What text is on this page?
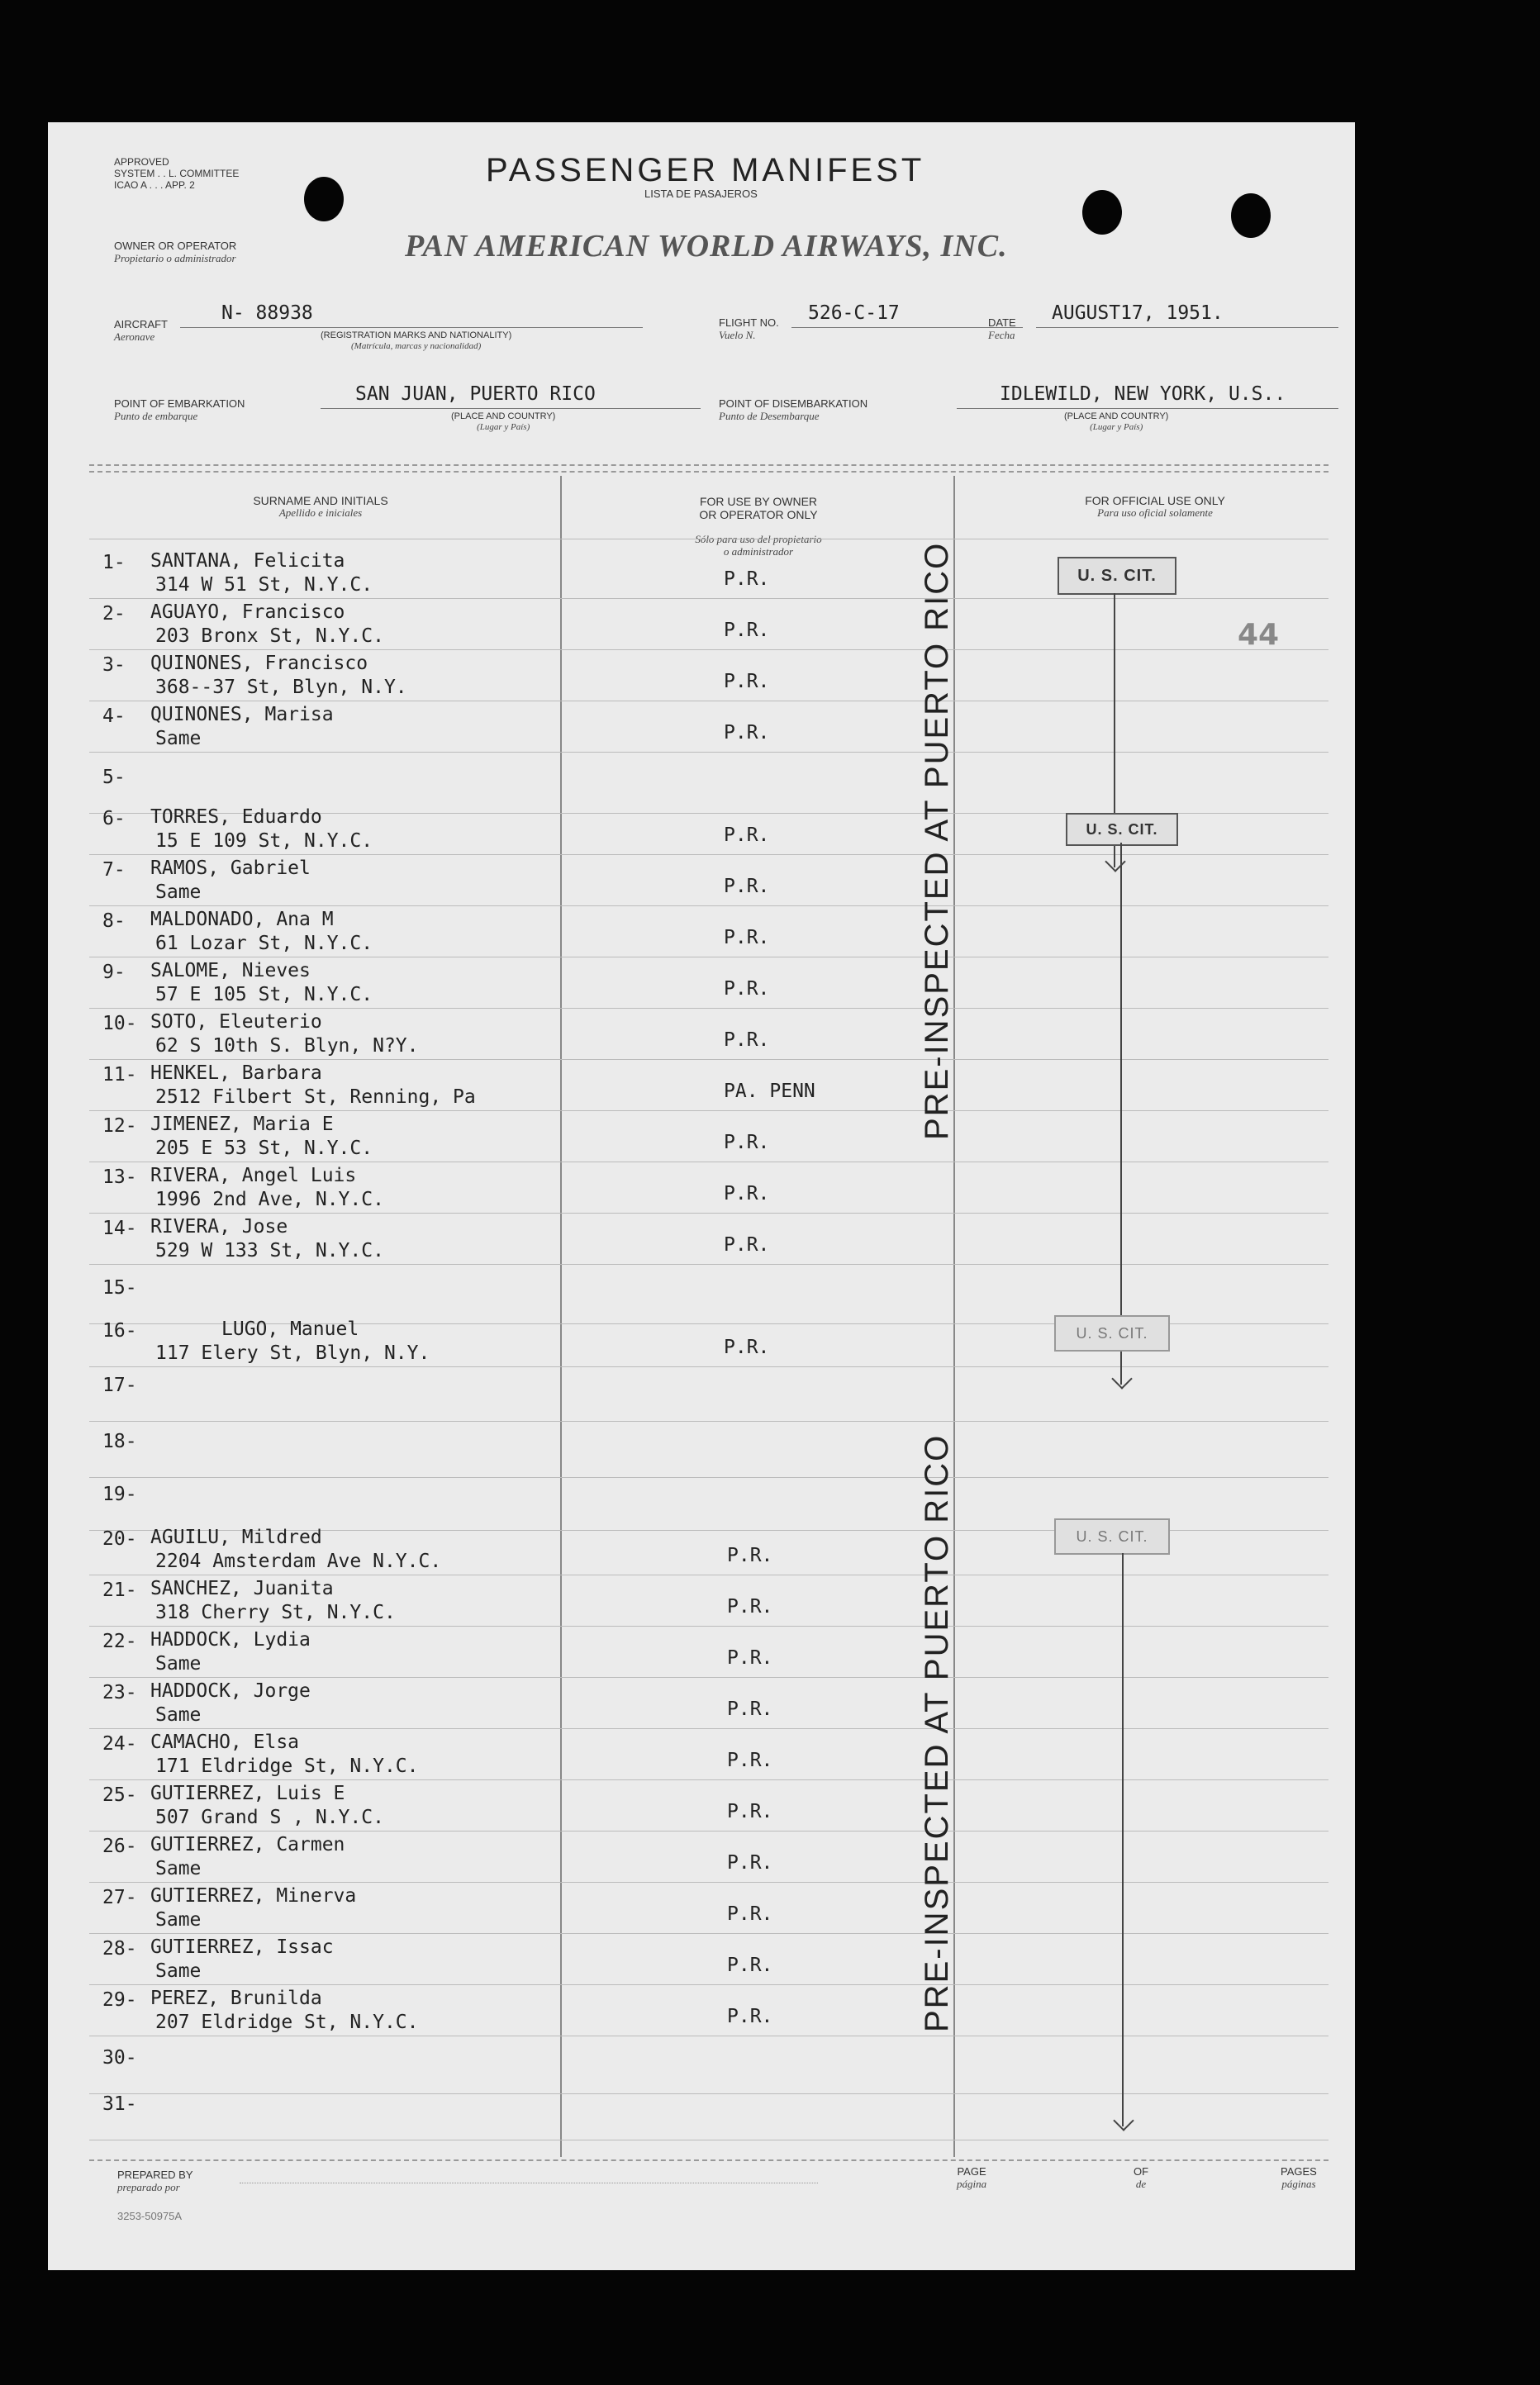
APPROVED
SYSTEM . . L. COMMITTEE
ICAO A . . . APP. 2	PASSENGER MANIFEST
LISTA DE PASAJEROS
OWNER OR OPERATOR
Propietario o administrador	PAN AMERICAN WORLD AIRWAYS, INC.
AIRCRAFT
Aeronave
N- 88938
(REGISTRATION MARKS AND NATIONALITY)
(Matrícula, marcas y nacionalidad)
FLIGHT NO.
Vuelo N.
526-C-17	DATE
Fecha
AUGUST17, 1951.
POINT OF EMBARKATION
Punto de embarque
SAN JUAN, PUERTO RICO
(PLACE AND COUNTRY)
(Lugar y País)
POINT OF DISEMBARKATION
Punto de Desembarque
IDLEWILD, NEW YORK, U.S..
(PLACE AND COUNTRY)
(Lugar y País)
SURNAME AND INITIALS
Apellido e iniciales

FOR USE BY OWNER
OR OPERATOR ONLY

Sólo para uso del propietario
o administrador

FOR OFFICIAL USE ONLY
Para uso oficial solamente
1-	SANTANA, Felicita
314 W 51 St, N.Y.C.	P.R.
2-	AGUAYO, Francisco
203 Bronx St, N.Y.C.	P.R.
3-	QUINONES, Francisco
368--37 St, Blyn, N.Y.	P.R.
4-	QUINONES, Marisa
Same	P.R.
5-
6-	TORRES, Eduardo
15 E 109 St, N.Y.C.	P.R.
7-	RAMOS, Gabriel
Same	P.R.
8-	MALDONADO, Ana M
61 Lozar St, N.Y.C.	P.R.
9-	SALOME, Nieves
57 E 105 St, N.Y.C.	P.R.
10- SOTO, Eleuterio
62 S 10th S. Blyn, N?Y.	P.R.
11- HENKEL, Barbara
2512 Filbert St, Renning, Pa	PA. PENN
12- JIMENEZ, Maria E
205 E 53 St, N.Y.C.	P.R.
13- RIVERA, Angel Luis
1996 2nd Ave, N.Y.C.	P.R.
14- RIVERA, Jose
529 W 133 St, N.Y.C.	P.R.
15-
16-	LUGO, Manuel
117 Elery St, Blyn, N.Y.	P.R.
17-
18-
19-
20- AGUILU, Mildred
2204 Amsterdam Ave N.Y.C.	P.R.
21- SANCHEZ, Juanita
318 Cherry St, N.Y.C.	P.R.
22- HADDOCK, Lydia
Same	P.R.
23- HADDOCK, Jorge
Same	P.R.
24- CAMACHO, Elsa
171 Eldridge St, N.Y.C.	P.R.
25- GUTIERREZ, Luis E
507 Grand S , N.Y.C.	P.R.
26- GUTIERREZ, Carmen
Same	P.R.
27- GUTIERREZ, Minerva
Same	P.R.
28- GUTIERREZ, Issac
Same	P.R.
29- PEREZ, Brunilda
207 Eldridge St, N.Y.C.	P.R.
30-
31-
U. S. CIT.
44
U. S. CIT.
U. S. CIT.
U. S. CIT.
PRE-INSPECTED AT PUERTO RICO
PRE-INSPECTED AT PUERTO RICO
PREPARED BY
preparado por
PAGE
página
OF
de
PAGES
páginas
3253-50975A
